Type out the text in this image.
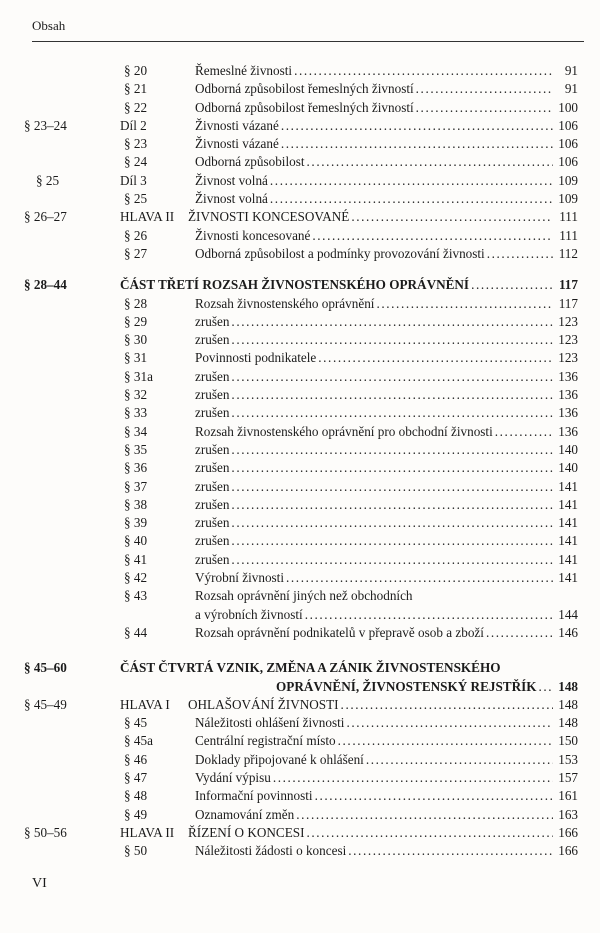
Obsah
§ 20	Řemeslné živnosti .....	91
§ 21	Odborná způsobilost řemeslných živností .....	91
§ 22	Odborná způsobilost řemeslných živností .....	100
§ 23–24	Díl 2	Živnosti vázané .....	106
§ 23	Živnosti vázané .....	106
§ 24	Odborná způsobilost .....	106
§ 25	Díl 3	Živnost volná .....	109
§ 25	Živnost volná .....	109
§ 26–27	HLAVA II ŽIVNOSTI KONCESOVANÉ .....	111
§ 26	Živnosti koncesované .....	111
§ 27	Odborná způsobilost a podmínky provozování živnosti .....	112
§ 28–44	ČÁST TŘETÍ ROZSAH ŽIVNOSTENSKÉHO OPRÁVNĚNÍ .....	117
§ 28	Rozsah živnostenského oprávnění .....	117
§ 29	zrušen .....	123
§ 30	zrušen .....	123
§ 31	Povinnosti podnikatele .....	123
§ 31a	zrušen .....	136
§ 32	zrušen .....	136
§ 33	zrušen .....	136
§ 34	Rozsah živnostenského oprávnění pro obchodní živnosti .....	136
§ 35	zrušen .....	140
§ 36	zrušen .....	140
§ 37	zrušen .....	141
§ 38	zrušen .....	141
§ 39	zrušen .....	141
§ 40	zrušen .....	141
§ 41	zrušen .....	141
§ 42	Výrobní živnosti .....	141
§ 43	Rozsah oprávnění jiných než obchodních
a výrobních živností .....	144
§ 44	Rozsah oprávnění podnikatelů v přepravě osob a zboží .....	146
§ 45–60	ČÁST ČTVRTÁ VZNIK, ZMĚNA A ZÁNIK ŽIVNOSTENSKÉHO
OPRÁVNĚNÍ, ŽIVNOSTENSKÝ REJSTŘÍK ..... 148
§ 45–49	HLAVA I OHLAŠOVÁNÍ ŽIVNOSTI .....	148
§ 45	Náležitosti ohlášení živnosti .....	148
§ 45a	Centrální registrační místo .....	150
§ 46	Doklady připojované k ohlášení .....	153
§ 47	Vydání výpisu .....	157
§ 48	Informační povinnosti .....	161
§ 49	Oznamování změn .....	163
§ 50–56	HLAVA II ŘÍZENÍ O KONCESI .....	166
§ 50	Náležitosti žádosti o koncesi .....	166
VI
